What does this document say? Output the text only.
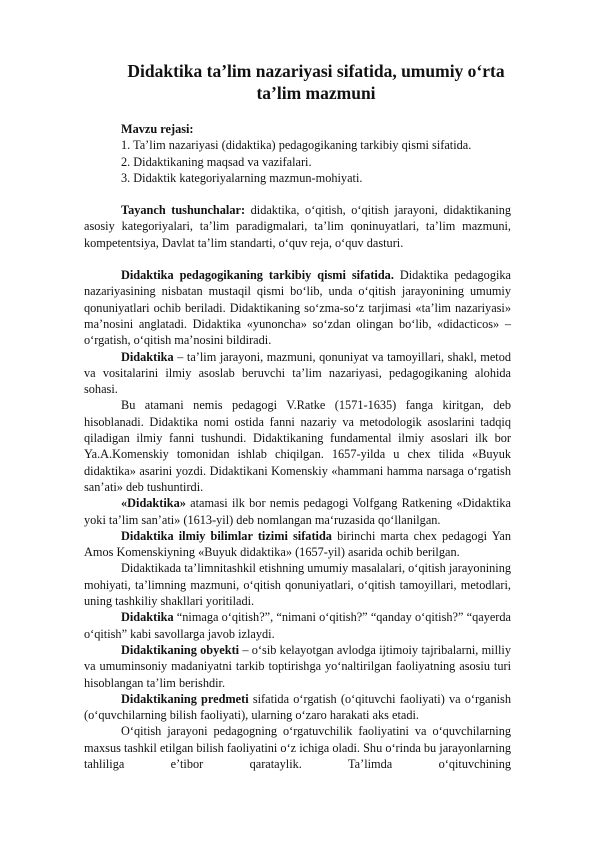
Didaktika ta’lim nazariyasi sifatida, umumiy o‘rta ta’lim mazmuni
Mavzu rejasi:
1. Ta’lim nazariyasi (didaktika) pedagogikaning tarkibiy qismi sifatida.
2. Didaktikaning maqsad va vazifalari.
3. Didaktik kategoriyalarning mazmun-mohiyati.

Tayanch tushunchalar: didaktika, o‘qitish, o‘qitish jarayoni, didaktikaning asosiy kategoriyalari, ta’lim paradigmalari, ta’lim qoninuyatlari, ta’lim mazmuni, kompetentsiya, Davlat ta’lim standarti, o‘quv reja, o‘quv dasturi.

Didaktika pedagogikaning tarkibiy qismi sifatida. Didaktika pedagogika nazariyasining nisbatan mustaqil qismi bo‘lib, unda o‘qitish jarayonining umumiy qonuniyatlari ochib beriladi. Didaktikaning so‘zma-so‘z tarjimasi «ta’lim nazariyasi» ma’nosini anglatadi. Didaktika «yunoncha» so‘zdan olingan bo‘lib, «didacticos» – o‘rgatish, o‘qitish ma’nosini bildiradi.

Didaktika – ta’lim jarayoni, mazmuni, qonuniyat va tamoyillari, shakl, metod va vositalarini ilmiy asoslab beruvchi ta’lim nazariyasi, pedagogikaning alohida sohasi.

Bu atamani nemis pedagogi V.Ratke (1571-1635) fanga kiritgan, deb hisoblanadi. Didaktika nomi ostida fanni nazariy va metodologik asoslarini tadqiq qiladigan ilmiy fanni tushundi. Didaktikaning fundamental ilmiy asoslari ilk bor Ya.A.Komenskiy tomonidan ishlab chiqilgan. 1657-yilda u chex tilida «Buyuk didaktika» asarini yozdi. Didaktikani Komenskiy «hammani hamma narsaga o‘rgatish san’ati» deb tushuntirdi.

«Didaktika» atamasi ilk bor nemis pedagogi Volfgang Ratkening «Didaktika yoki ta’lim san’ati» (1613-yil) deb nomlangan ma‘ruzasida qo‘llanilgan.

Didaktika ilmiy bilimlar tizimi sifatida birinchi marta chex pedagogi Yan Amos Komenskiyning «Buyuk didaktika» (1657-yil) asarida ochib berilgan.

Didaktikada ta’limnitashkil etishning umumiy masalalari, o‘qitish jarayonining mohiyati, ta’limning mazmuni, o‘qitish qonuniyatlari, o‘qitish tamoyillari, metodlari, uning tashkiliy shakllari yoritiladi.

Didaktika “nimaga o‘qitish?”, “nimani o‘qitish?” “qanday o‘qitish?” “qayerda o‘qitish” kabi savollarga javob izlaydi.

Didaktikaning obyekti – o‘sib kelayotgan avlodga ijtimoiy tajribalarni, milliy va umuminsoniy madaniyatni tarkib toptirishga yo‘naltirilgan faoliyatning asosiu turi hisoblangan ta’lim berishdir.

Didaktikaning predmeti sifatida o‘rgatish (o‘qituvchi faoliyati) va o‘rganish (o‘quvchilarning bilish faoliyati), ularning o‘zaro harakati aks etadi.

O‘qitish jarayoni pedagogning o‘rgatuvchilik faoliyatini va o‘quvchilarning maxsus tashkil etilgan bilish faoliyatini o‘z ichiga oladi. Shu o‘rinda bu jarayonlarning tahliliga e’tibor qarataylik. Ta’limda o‘qituvchining
